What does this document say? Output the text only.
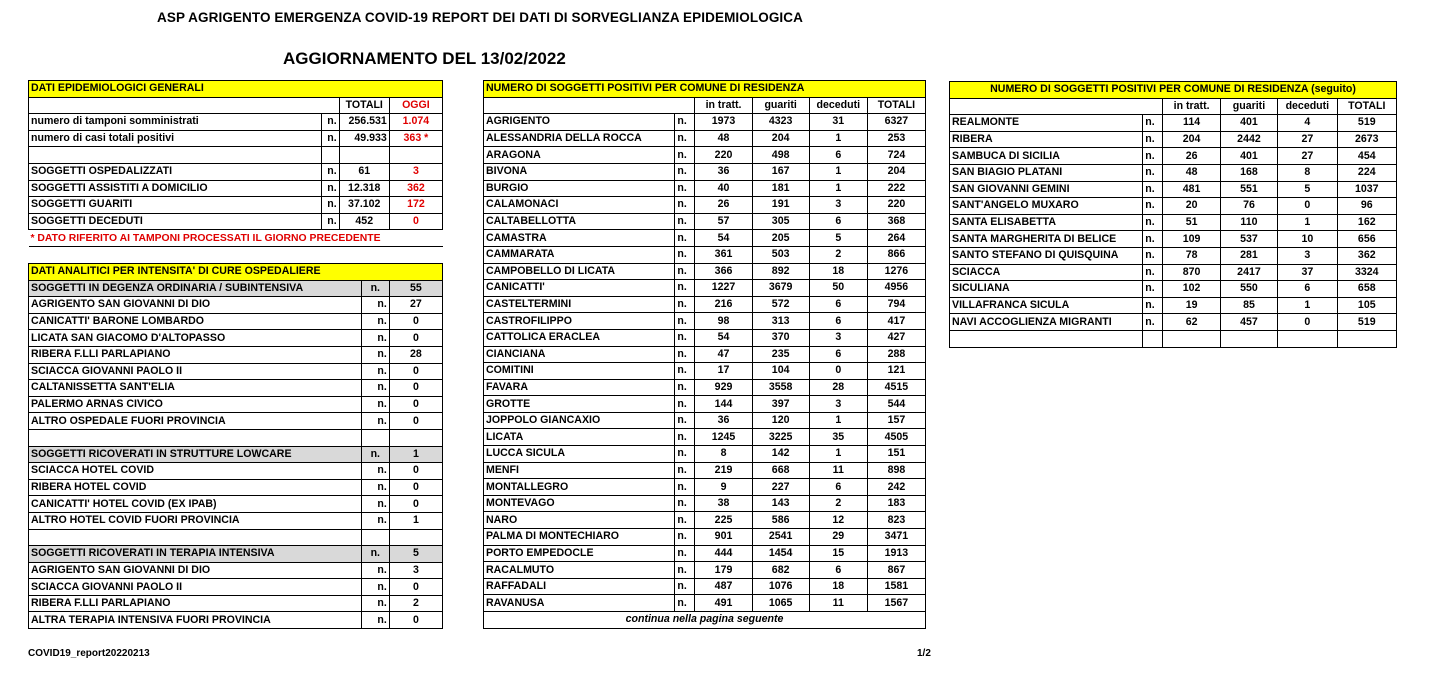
ASP AGRIGENTO EMERGENZA COVID-19 REPORT DEI DATI DI SORVEGLIANZA EPIDEMIOLOGICA
AGGIORNAMENTO DEL 13/02/2022
DATI EPIDEMIOLOGICI GENERALI			
		TOTALI	OGGI
numero di tamponi somministrati	n.	256.531	1.074
numero di casi totali positivi	n.	49.933	363 *

SOGGETTI OSPEDALIZZATI	n.	61	3
SOGGETTI ASSISTITI A DOMICILIO	n.	12.318	362
SOGGETTI GUARITI	n.	37.102	172
SOGGETTI DECEDUTI	n.	452	0
* DATO RIFERITO AI TAMPONI PROCESSATI IL GIORNO PRECEDENTE			

DATI ANALITICI PER INTENSITA' DI CURE OSPEDALIERE		
SOGGETTI IN DEGENZA ORDINARIA / SUBINTENSIVA	n.	55
AGRIGENTO SAN GIOVANNI DI DIO	n.	27
CANICATTI' BARONE LOMBARDO	n.	0
LICATA SAN GIACOMO D'ALTOPASSO	n.	0
RIBERA F.LLI PARLAPIANO	n.	28
SCIACCA GIOVANNI PAOLO II	n.	0
CALTANISSETTA SANT'ELIA	n.	0
PALERMO ARNAS CIVICO	n.	0
ALTRO OSPEDALE FUORI PROVINCIA	n.	0

SOGGETTI RICOVERATI IN STRUTTURE LOWCARE	n.	1
SCIACCA HOTEL COVID	n.	0
RIBERA HOTEL COVID	n.	0
CANICATTI' HOTEL COVID (EX IPAB)	n.	0
ALTRO HOTEL COVID FUORI PROVINCIA	n.	1

SOGGETTI RICOVERATI IN TERAPIA INTENSIVA	n.	5
AGRIGENTO SAN GIOVANNI DI DIO	n.	3
SCIACCA GIOVANNI PAOLO II	n.	0
RIBERA F.LLI PARLAPIANO	n.	2
ALTRA TERAPIA INTENSIVA FUORI PROVINCIA	n.	0
NUMERO DI SOGGETTI POSITIVI PER COMUNE DI RESIDENZA					
		in tratt.	guariti	deceduti	TOTALI
AGRIGENTO	n.	1973	4323	31	6327
ALESSANDRIA DELLA ROCCA	n.	48	204	1	253
ARAGONA	n.	220	498	6	724
BIVONA	n.	36	167	1	204
BURGIO	n.	40	181	1	222
CALAMONACI	n.	26	191	3	220
CALTABELLOTTA	n.	57	305	6	368
CAMASTRA	n.	54	205	5	264
CAMMARATA	n.	361	503	2	866
CAMPOBELLO DI LICATA	n.	366	892	18	1276
CANICATTI'	n.	1227	3679	50	4956
CASTELTERMINI	n.	216	572	6	794
CASTROFILIPPO	n.	98	313	6	417
CATTOLICA ERACLEA	n.	54	370	3	427
CIANCIANA	n.	47	235	6	288
COMITINI	n.	17	104	0	121
FAVARA	n.	929	3558	28	4515
GROTTE	n.	144	397	3	544
JOPPOLO GIANCAXIO	n.	36	120	1	157
LICATA	n.	1245	3225	35	4505
LUCCA SICULA	n.	8	142	1	151
MENFI	n.	219	668	11	898
MONTALLEGRO	n.	9	227	6	242
MONTEVAGO	n.	38	143	2	183
NARO	n.	225	586	12	823
PALMA DI MONTECHIARO	n.	901	2541	29	3471
PORTO EMPEDOCLE	n.	444	1454	15	1913
RACALMUTO	n.	179	682	6	867
RAFFADALI	n.	487	1076	18	1581
RAVANUSA	n.	491	1065	11	1567
continua nella pagina seguente					
NUMERO DI SOGGETTI POSITIVI PER COMUNE DI RESIDENZA (seguito)					
		in tratt.	guariti	deceduti	TOTALI
REALMONTE	n.	114	401	4	519
RIBERA	n.	204	2442	27	2673
SAMBUCA DI SICILIA	n.	26	401	27	454
SAN BIAGIO PLATANI	n.	48	168	8	224
SAN GIOVANNI GEMINI	n.	481	551	5	1037
SANT'ANGELO MUXARO	n.	20	76	0	96
SANTA ELISABETTA	n.	51	110	1	162
SANTA MARGHERITA DI BELICE	n.	109	537	10	656
SANTO STEFANO DI QUISQUINA	n.	78	281	3	362
SCIACCA	n.	870	2417	37	3324
SICULIANA	n.	102	550	6	658
VILLAFRANCA SICULA	n.	19	85	1	105
NAVI ACCOGLIENZA MIGRANTI	n.	62	457	0	519

COVID19_report20220213	1/2
